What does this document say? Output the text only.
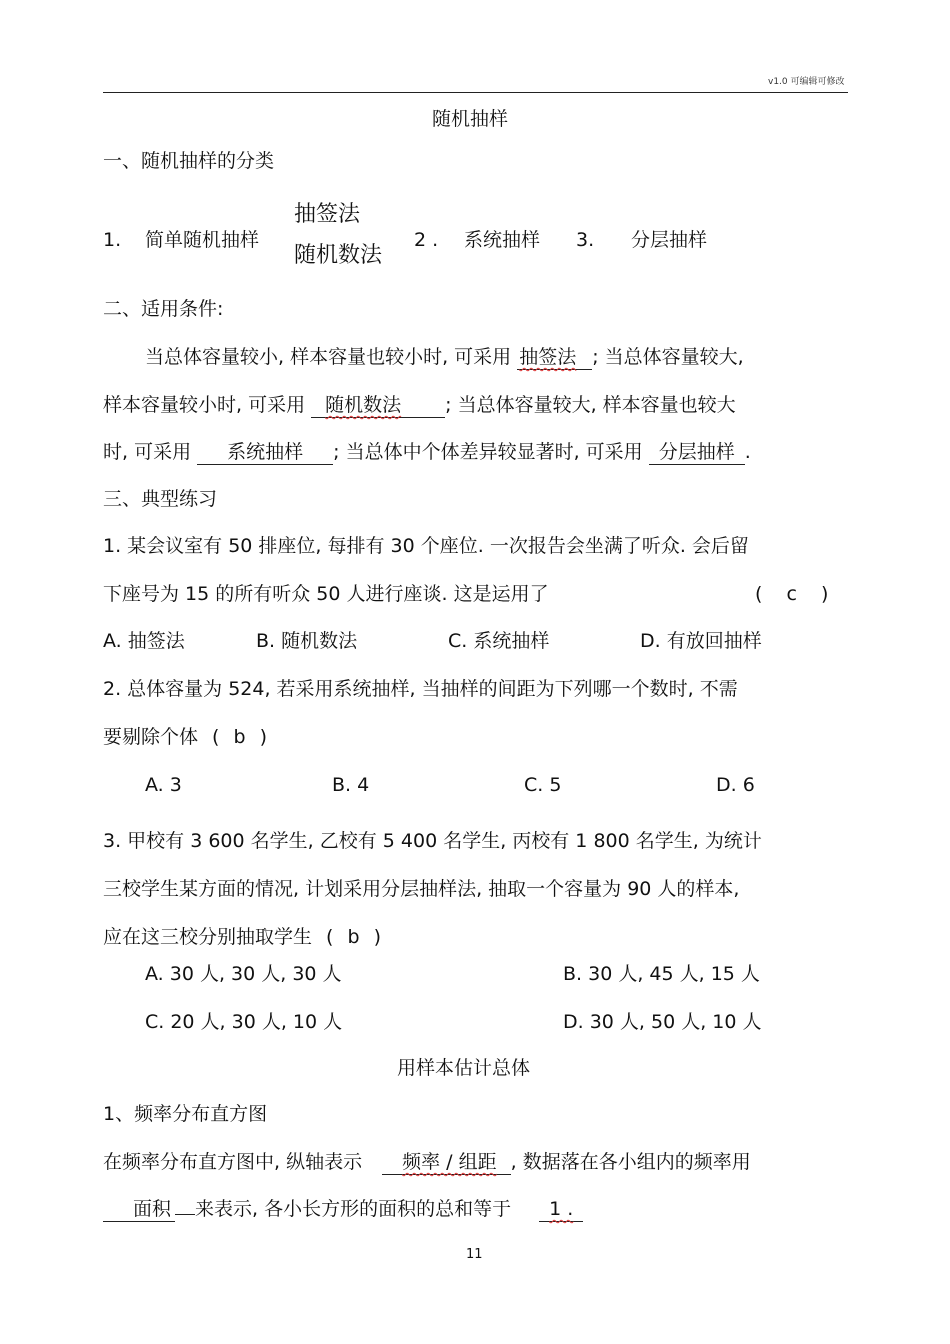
v1.0 可编辑可修改
随机抽样
一、随机抽样的分类
1. 简单随机抽样
抽签法
随机数法
2 . 系统抽样 3. 分层抽样
二、适用条件:
当总体容量较小, 样本容量也较小时, 可采用 抽签法 ; 当总体容量较大,
样本容量较小时, 可采用 随机数法 ; 当总体容量较大, 样本容量也较大
时, 可采用 系统抽样 ; 当总体中个体差异较显著时, 可采用 分层抽样 .
三、典型练习
1. 某会议室有 50 排座位, 每排有 30 个座位. 一次报告会坐满了听众. 会后留
下座号为 15 的所有听众 50 人进行座谈. 这是运用了	( c )
A. 抽签法	B. 随机数法	C. 系统抽样	D. 有放回抽样
2. 总体容量为 524, 若采用系统抽样, 当抽样的间距为下列哪一个数时, 不需
要剔除个体 ( b )
A. 3	B. 4	C. 5	D. 6
3. 甲校有 3 600 名学生, 乙校有 5 400 名学生, 丙校有 1 800 名学生, 为统计
三校学生某方面的情况, 计划采用分层抽样法, 抽取一个容量为 90 人的样本,
应在这三校分别抽取学生 ( b )
A. 30 人, 30 人, 30 人	B. 30 人, 45 人, 15 人
C. 20 人, 30 人, 10 人	D. 30 人, 50 人, 10 人
用样本估计总体
1、频率分布直方图
在频率分布直方图中, 纵轴表示 频率 / 组距 , 数据落在各小组内的频率用
面积 来表示, 各小长方形的面积的总和等于 1 .
11
